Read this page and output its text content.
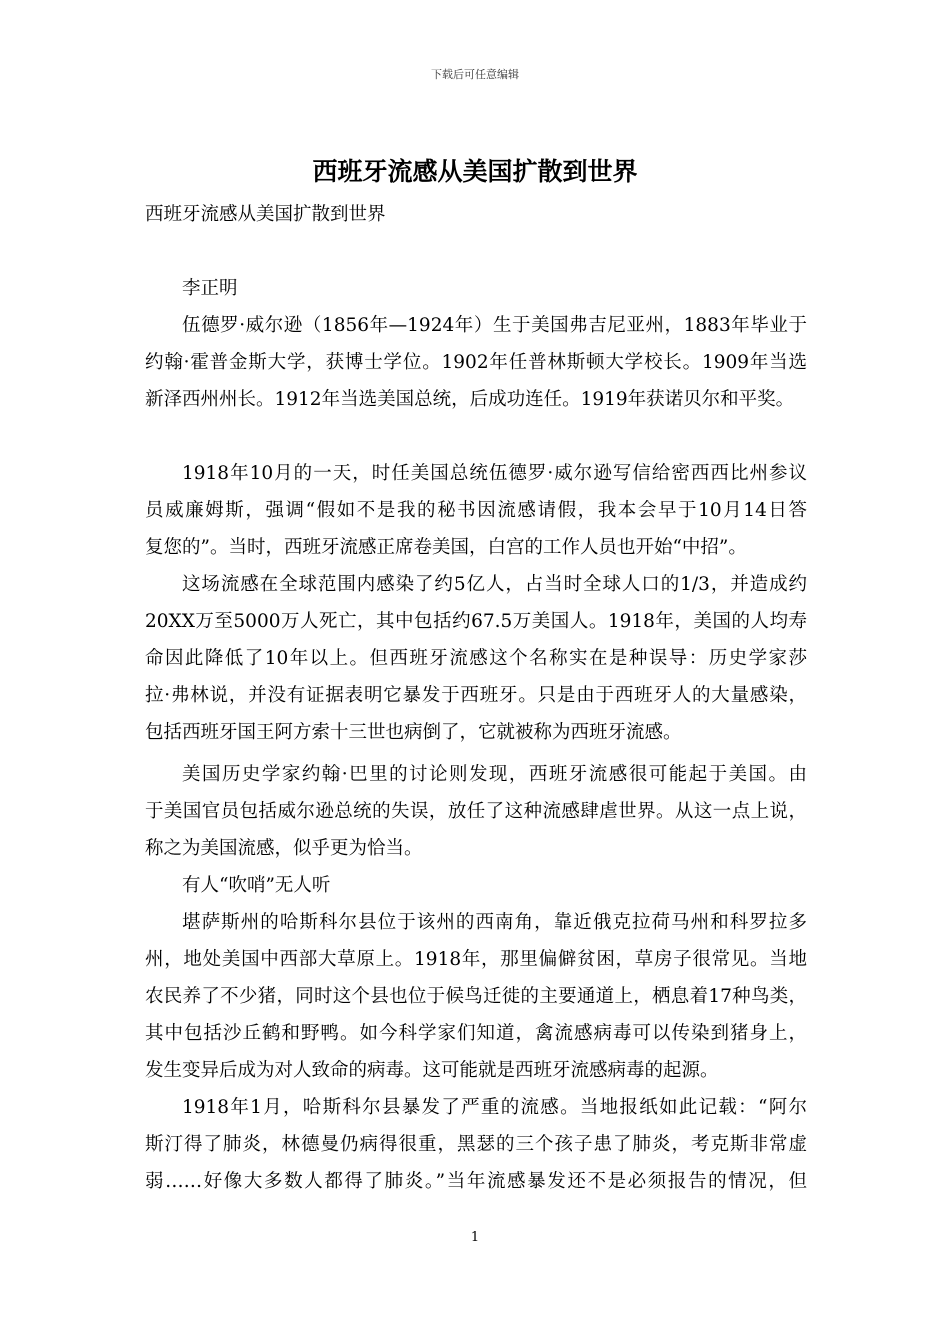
下载后可任意编辑
西班牙流感从美国扩散到世界
西班牙流感从美国扩散到世界
李正明
伍德罗·威尔逊（1856年—1924年）生于美国弗吉尼亚州，1883年毕业于
约翰·霍普金斯大学，获博士学位。1902年任普林斯顿大学校长。1909年当选
新泽西州州长。1912年当选美国总统，后成功连任。1919年获诺贝尔和平奖。
1918年10月的一天，时任美国总统伍德罗·威尔逊写信给密西西比州参议
员威廉姆斯，强调“假如不是我的秘书因流感请假，我本会早于10月14日答
复您的”。当时，西班牙流感正席卷美国，白宫的工作人员也开始“中招”。
这场流感在全球范围内感染了约5亿人，占当时全球人口的1/3，并造成约
20XX万至5000万人死亡，其中包括约67.5万美国人。1918年，美国的人均寿
命因此降低了10年以上。但西班牙流感这个名称实在是种误导：历史学家莎
拉·弗林说，并没有证据表明它暴发于西班牙。只是由于西班牙人的大量感染，
包括西班牙国王阿方索十三世也病倒了，它就被称为西班牙流感。
美国历史学家约翰·巴里的讨论则发现，西班牙流感很可能起于美国。由
于美国官员包括威尔逊总统的失误，放任了这种流感肆虐世界。从这一点上说，
称之为美国流感，似乎更为恰当。
有人“吹哨”无人听
堪萨斯州的哈斯科尔县位于该州的西南角，靠近俄克拉荷马州和科罗拉多
州，地处美国中西部大草原上。1918年，那里偏僻贫困，草房子很常见。当地
农民养了不少猪，同时这个县也位于候鸟迁徙的主要通道上，栖息着17种鸟类，
其中包括沙丘鹤和野鸭。如今科学家们知道，禽流感病毒可以传染到猪身上，
发生变异后成为对人致命的病毒。这可能就是西班牙流感病毒的起源。
1918年1月，哈斯科尔县暴发了严重的流感。当地报纸如此记载：“阿尔
斯汀得了肺炎，林德曼仍病得很重，黑瑟的三个孩子患了肺炎，考克斯非常虚
弱……好像大多数人都得了肺炎。”当年流感暴发还不是必须报告的情况，但
1
